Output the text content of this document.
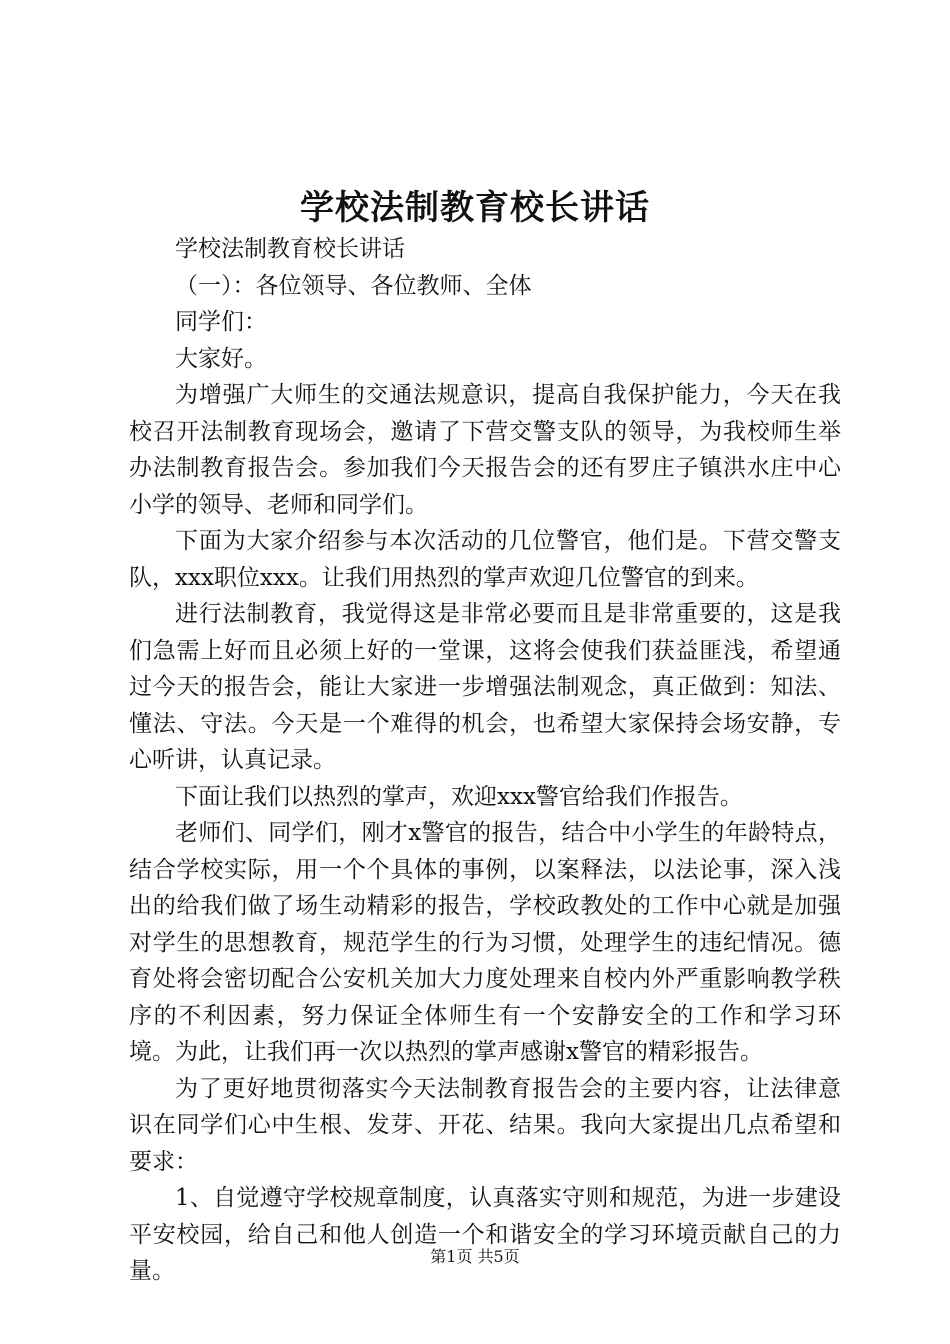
学校法制教育校长讲话

学校法制教育校长讲话

（一）：各位领导、各位教师、全体

同学们：

大家好。

为增强广大师生的交通法规意识，提高自我保护能力，今天在我校召开法制教育现场会，邀请了下营交警支队的领导，为我校师生举办法制教育报告会。参加我们今天报告会的还有罗庄子镇洪水庄中心小学的领导、老师和同学们。

下面为大家介绍参与本次活动的几位警官，他们是。下营交警支队，xxx职位xxx。让我们用热烈的掌声欢迎几位警官的到来。

进行法制教育，我觉得这是非常必要而且是非常重要的，这是我们急需上好而且必须上好的一堂课，这将会使我们获益匪浅，希望通过今天的报告会，能让大家进一步增强法制观念，真正做到：知法、懂法、守法。今天是一个难得的机会，也希望大家保持会场安静，专心听讲，认真记录。

下面让我们以热烈的掌声，欢迎xxx警官给我们作报告。

老师们、同学们，刚才x警官的报告，结合中小学生的年龄特点，结合学校实际，用一个个具体的事例，以案释法，以法论事，深入浅出的给我们做了场生动精彩的报告，学校政教处的工作中心就是加强对学生的思想教育，规范学生的行为习惯，处理学生的违纪情况。德育处将会密切配合公安机关加大力度处理来自校内外严重影响教学秩序的不利因素，努力保证全体师生有一个安静安全的工作和学习环境。为此，让我们再一次以热烈的掌声感谢x警官的精彩报告。

为了更好地贯彻落实今天法制教育报告会的主要内容，让法律意识在同学们心中生根、发芽、开花、结果。我向大家提出几点希望和要求：

1、自觉遵守学校规章制度，认真落实守则和规范，为进一步建设平安校园，给自己和他人创造一个和谐安全的学习环境贡献自己的力量。

第1页 共5页
